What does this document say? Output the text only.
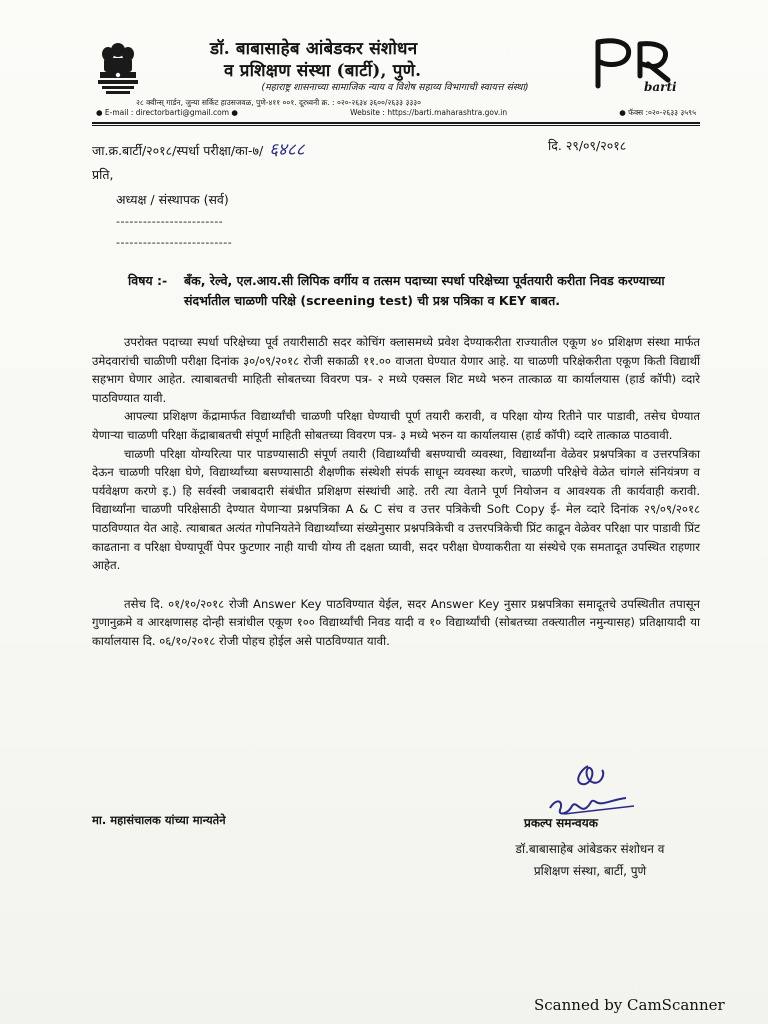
डॉ. बाबासाहेब आंबेडकर संशोधन
व प्रशिक्षण संस्था (बार्टी), पुणे.
(महाराष्ट्र शासनाच्या सामाजिक न्याय व विशेष सहाय्य विभागाची स्वायत्त संस्था)	barti
२८ क्वीन्स् गार्डन, जुन्या सर्किट हाउसजवळ, पुणे-४११ ००१. दूरध्वनी क्र. : ०२०-२६३४ ३६००/२६३३ ३३३०
● E-mail : directorbarti@gmail.com ●	Website : https://barti.maharashtra.gov.in	● फॅक्स :०२०-२६३३ ३५९५
जा.क्र.बार्टी/२०१८/स्पर्धा परीक्षा/का-७/ ६४८८	दि. २९/०९/२०१८
प्रति,
अध्यक्ष / संस्थापक (सर्व)
------------------------
--------------------------
विषय :-	बँक, रेल्वे, एल.आय.सी लिपिक वर्गीय व तत्सम पदाच्या स्पर्धा परिक्षेच्या पूर्वतयारी करीता निवड करण्याच्या संदर्भातील चाळणी परिक्षे (screening test) ची प्रश्न पत्रिका व KEY बाबत.

उपरोक्त पदाच्या स्पर्धा परिक्षेच्या पूर्व तयारीसाठी सदर कोचिंग क्लासमध्ये प्रवेश देण्याकरीता राज्यातील एकूण ४० प्रशिक्षण संस्था मार्फत उमेदवारांची चाळीणी परीक्षा दिनांक ३०/०९/२०१८ रोजी सकाळी ११.०० वाजता घेण्यात येणार आहे. या चाळणी परिक्षेकरीता एकूण किती विद्यार्थी सहभाग घेणार आहेत. त्याबाबतची माहिती सोबतच्या विवरण पत्र- २ मध्ये एक्सल शिट मध्ये भरुन तात्काळ या कार्यालयास (हार्ड कॉपी) व्दारे पाठविण्यात यावी.

आपल्या प्रशिक्षण केंद्रामार्फत विद्यार्थ्यांची चाळणी परिक्षा घेण्याची पूर्ण तयारी करावी, व परिक्षा योग्य रितीने पार पाडावी, तसेच घेण्यात येणाऱ्या चाळणी परिक्षा केंद्राबाबतची संपूर्ण माहिती सोबतच्या विवरण पत्र- ३ मध्ये भरुन या कार्यालयास (हार्ड कॉपी) व्दारे तात्काळ पाठवावी.

चाळणी परिक्षा योग्यरित्या पार पाडण्यासाठी संपूर्ण तयारी (विद्यार्थ्यांची बसण्याची व्यवस्था, विद्यार्थ्यांना वेळेवर प्रश्नपत्रिका व उत्तरपत्रिका देऊन चाळणी परिक्षा घेणे, विद्यार्थ्यांच्या बसण्यासाठी शैक्षणीक संस्थेशी संपर्क साधून व्यवस्था करणे, चाळणी परिक्षेचे वेळेत चांगले संनियंत्रण व पर्यवेक्षण करणे इ.) हि सर्वस्वी जबाबदारी संबंधीत प्रशिक्षण संस्थांची आहे. तरी त्या वेतानेे पूर्ण नियोजन व आवश्यक ती कार्यवाही करावी. विद्यार्थ्यांना चाळणी परिक्षेसाठी देण्यात येणाऱ्या प्रश्नपत्रिका A & C संच व उत्तर पत्रिकेची Soft Copy ई- मेल व्दारे दिनांक २९/०९/२०१८ पाठविण्यात येत आहे. त्याबाबत अत्यंत गोपनियतेने विद्यार्थ्यांच्या संख्येनुसार प्रश्नपत्रिकेची व उत्तरपत्रिकेची प्रिंट काढून वेळेवर परिक्षा पार पाडावी प्रिंट काढताना व परिक्षा घेण्यापूर्वी पेपर फुटणार नाही याची योग्य ती दक्षता घ्यावी, सदर परीक्षा घेण्याकरीता या संस्थेचे एक समतादूत उपस्थित राहणार आहेत.

तसेच दि. ०१/१०/२०१८ रोजी Answer Key पाठविण्यात येईल, सदर Answer Key नुसार प्रश्नपत्रिका समादूतचे उपस्थितीत तपासून गुणानुक्रमे व आरक्षणासह दोन्ही सत्रांधील एकूण १०० विद्यार्थ्यांची निवड यादी व १० विद्यार्थ्यांची (सोबतच्या तक्त्यातील नमुन्यासह) प्रतिक्षायादी या कार्यालयास दि. ०६/१०/२०१८ रोजी पोहच होईल असे पाठविण्यात यावी.

मा. महासंचालक यांच्या मान्यतेने	प्रकल्प समन्वयक
डॉ.बाबासाहेब आंबेडकर संशोधन व
प्रशिक्षण संस्था, बार्टी, पुणे
Scanned by CamScanner
